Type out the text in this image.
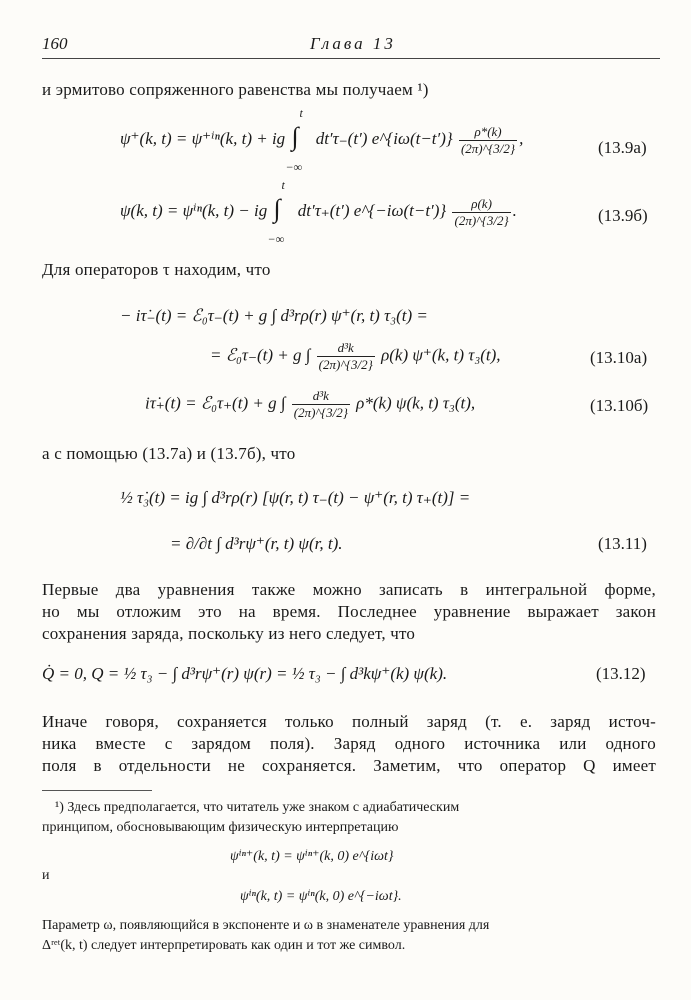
160	Глава 13
и эрмитово сопряженного равенства мы получаем ¹)
ψ⁺(k, t) = ψ⁺ⁱⁿ(k, t) + ig
t
∫
−∞
dt′τ₋(t′) e^{iω(t−t′)} $\frac{\rho*(k)}{(2\pi)\^{}\{3/2\}}$ ,	(13.9а)
ψ(k, t) = ψⁱⁿ(k, t) − ig
t
∫
−∞
dt′τ₊(t′) e^{−iω(t−t′)} $\frac{\rho(k)}{(2\pi)\^{}\{3/2\}}$ .	(13.9б)
Для операторов τ находим, что
− iτ̇₋(t) = ℰ₀τ₋(t) + g ∫ d³rρ(r) ψ⁺(r, t) τ₃(t) =
= ℰ₀τ₋(t) + g ∫ $\frac{\text{d³k}}{(2\pi)\^{}\{3/2\}} \rho(k)$ ψ⁺(k, t) τ₃(t),	(13.10а)
iτ̇₊(t) = ℰ₀τ₊(t) + g ∫ $\frac{\text{d³k}}{(2\pi)\^{}\{3/2\}} \rho*(k)$ ψ(k, t) τ₃(t),	(13.10б)
а с помощью (13.7а) и (13.7б), что
½ τ̇₃(t) = ig ∫ d³rρ(r) [ψ(r, t) τ₋(t) − ψ⁺(r, t) τ₊(t)] =
= ∂/∂t ∫ d³rψ⁺(r, t) ψ(r, t).	(13.11)
Первые два уравнения также можно записать в интегральной форме,
но мы отложим это на время. Последнее уравнение выражает закон
сохранения заряда, поскольку из него следует, что
Q̇ = 0, Q = ½ τ₃ − ∫ d³rψ⁺(r) ψ(r) = ½ τ₃ − ∫ d³kψ⁺(k) ψ(k).	(13.12)
Иначе говоря, сохраняется только полный заряд (т. е. заряд источ-
ника вместе с зарядом поля). Заряд одного источника или одного
поля в отдельности не сохраняется. Заметим, что оператор Q имеет
¹) Здесь предполагается, что читатель уже знаком с адиабатическим
принципом, обосновывающим физическую интерпретацию
ψⁱⁿ⁺(k, t) = ψⁱⁿ⁺(k, 0) e^{iωt}
и
ψⁱⁿ(k, t) = ψⁱⁿ(k, 0) e^{−iωt}.
Параметр ω, появляющийся в экспоненте и ω в знаменателе уравнения для
Δʳᵉᵗ(k, t) следует интерпретировать как один и тот же символ.
